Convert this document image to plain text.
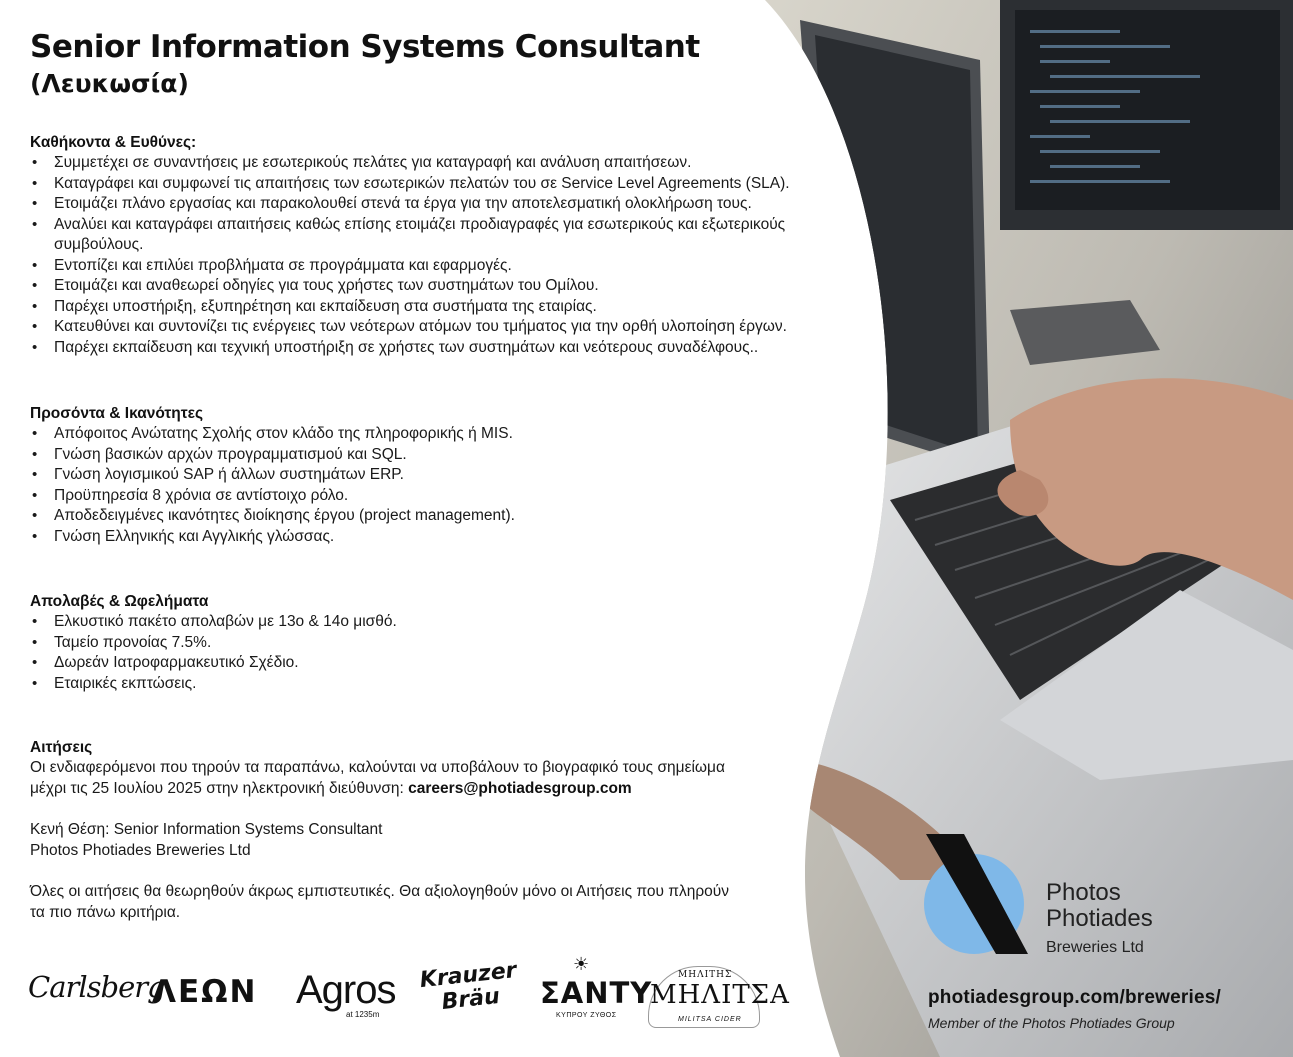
Senior Information Systems Consultant
(Λευκωσία)
Καθήκοντα & Ευθύνες:
• Συμμετέχει σε συναντήσεις με εσωτερικούς πελάτες για καταγραφή και ανάλυση απαιτήσεων.
• Καταγράφει και συμφωνεί τις απαιτήσεις των εσωτερικών πελατών του σε Service Level Agreements (SLA).
• Ετοιμάζει πλάνο εργασίας και παρακολουθεί στενά τα έργα για την αποτελεσματική ολοκλήρωση τους.
• Αναλύει και καταγράφει απαιτήσεις καθώς επίσης ετοιμάζει προδιαγραφές για εσωτερικούς και εξωτερικούς συμβούλους.
• Εντοπίζει και επιλύει προβλήματα σε προγράμματα και εφαρμογές.
• Ετοιμάζει και αναθεωρεί οδηγίες για τους χρήστες των συστημάτων του Ομίλου.
• Παρέχει υποστήριξη, εξυπηρέτηση και εκπαίδευση στα συστήματα της εταιρίας.
• Κατευθύνει και συντονίζει τις ενέργειες των νεότερων ατόμων του τμήματος για την ορθή υλοποίηση έργων.
• Παρέχει εκπαίδευση και τεχνική υποστήριξη σε χρήστες των συστημάτων και νεότερους συναδέλφους..
Προσόντα & Ικανότητες
• Απόφοιτος Ανώτατης Σχολής στον κλάδο της πληροφορικής ή MIS.
• Γνώση βασικών αρχών προγραμματισμού και SQL.
• Γνώση λογισμικού SAP ή άλλων συστημάτων ERP.
• Προϋπηρεσία 8 χρόνια σε αντίστοιχο ρόλο.
• Αποδεδειγμένες ικανότητες διοίκησης έργου (project management).
• Γνώση Ελληνικής και Αγγλικής γλώσσας.
Απολαβές & Ωφελήματα
• Ελκυστικό πακέτο απολαβών με 13ο & 14ο μισθό.
• Ταμείο προνοίας 7.5%.
• Δωρεάν Ιατροφαρμακευτικό Σχέδιο.
• Εταιρικές εκπτώσεις.
Αιτήσεις
Οι ενδιαφερόμενοι που τηρούν τα παραπάνω, καλούνται να υποβάλουν το βιογραφικό τους σημείωμα
μέχρι τις 25 Ιουλίου 2025 στην ηλεκτρονική διεύθυνση: careers@photiadesgroup.com
Κενή Θέση: Senior Information Systems Consultant
Photos Photiades Breweries Ltd
Όλες οι αιτήσεις θα θεωρηθούν άκρως εμπιστευτικές. Θα αξιολογηθούν μόνο οι Αιτήσεις που πληρούν
τα πιο πάνω κριτήρια.
Carlsberg
ΛΕΩΝ Agros
at 1235m
Krauzer
Bräu
☀
ΣΑΝΤΥ
ΚΥΠΡΟΥ ΖΥΘΟΣ
ΜΗΛΙΤΗΣ
ΜΗΛΙΤΣΑ
MILITSA CIDER
Photos
Photiades
Breweries Ltd
photiadesgroup.com/breweries/
Member of the Photos Photiades Group
